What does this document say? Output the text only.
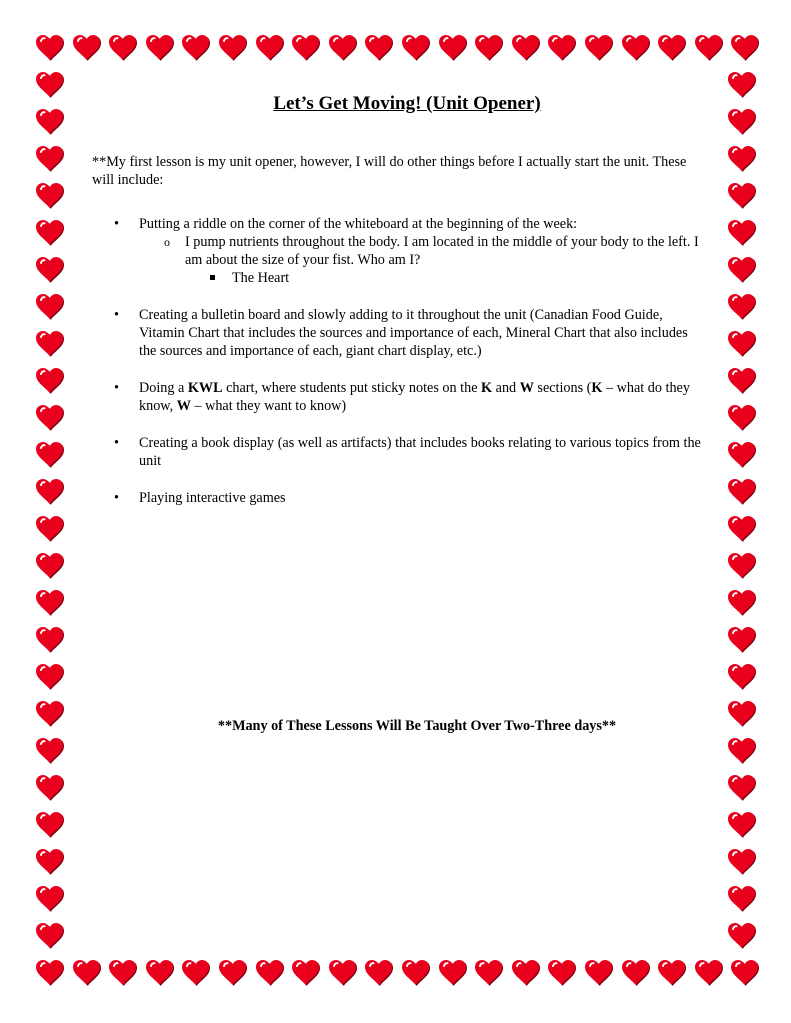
Let’s Get Moving! (Unit Opener)
**My first lesson is my unit opener, however, I will do other things before I actually start the unit. These will include:
• Putting a riddle on the corner of the whiteboard at the beginning of the week:
o I pump nutrients throughout the body. I am located in the middle of your body to the left. I am about the size of your fist. Who am I?
The Heart
• Creating a bulletin board and slowly adding to it throughout the unit (Canadian Food Guide, Vitamin Chart that includes the sources and importance of each, Mineral Chart that also includes the sources and importance of each, giant chart display, etc.)
• Doing a KWL chart, where students put sticky notes on the K and W sections (K – what do they know, W – what they want to know)
• Creating a book display (as well as artifacts) that includes books relating to various topics from the unit
• Playing interactive games
**Many of These Lessons Will Be Taught Over Two-Three days**
